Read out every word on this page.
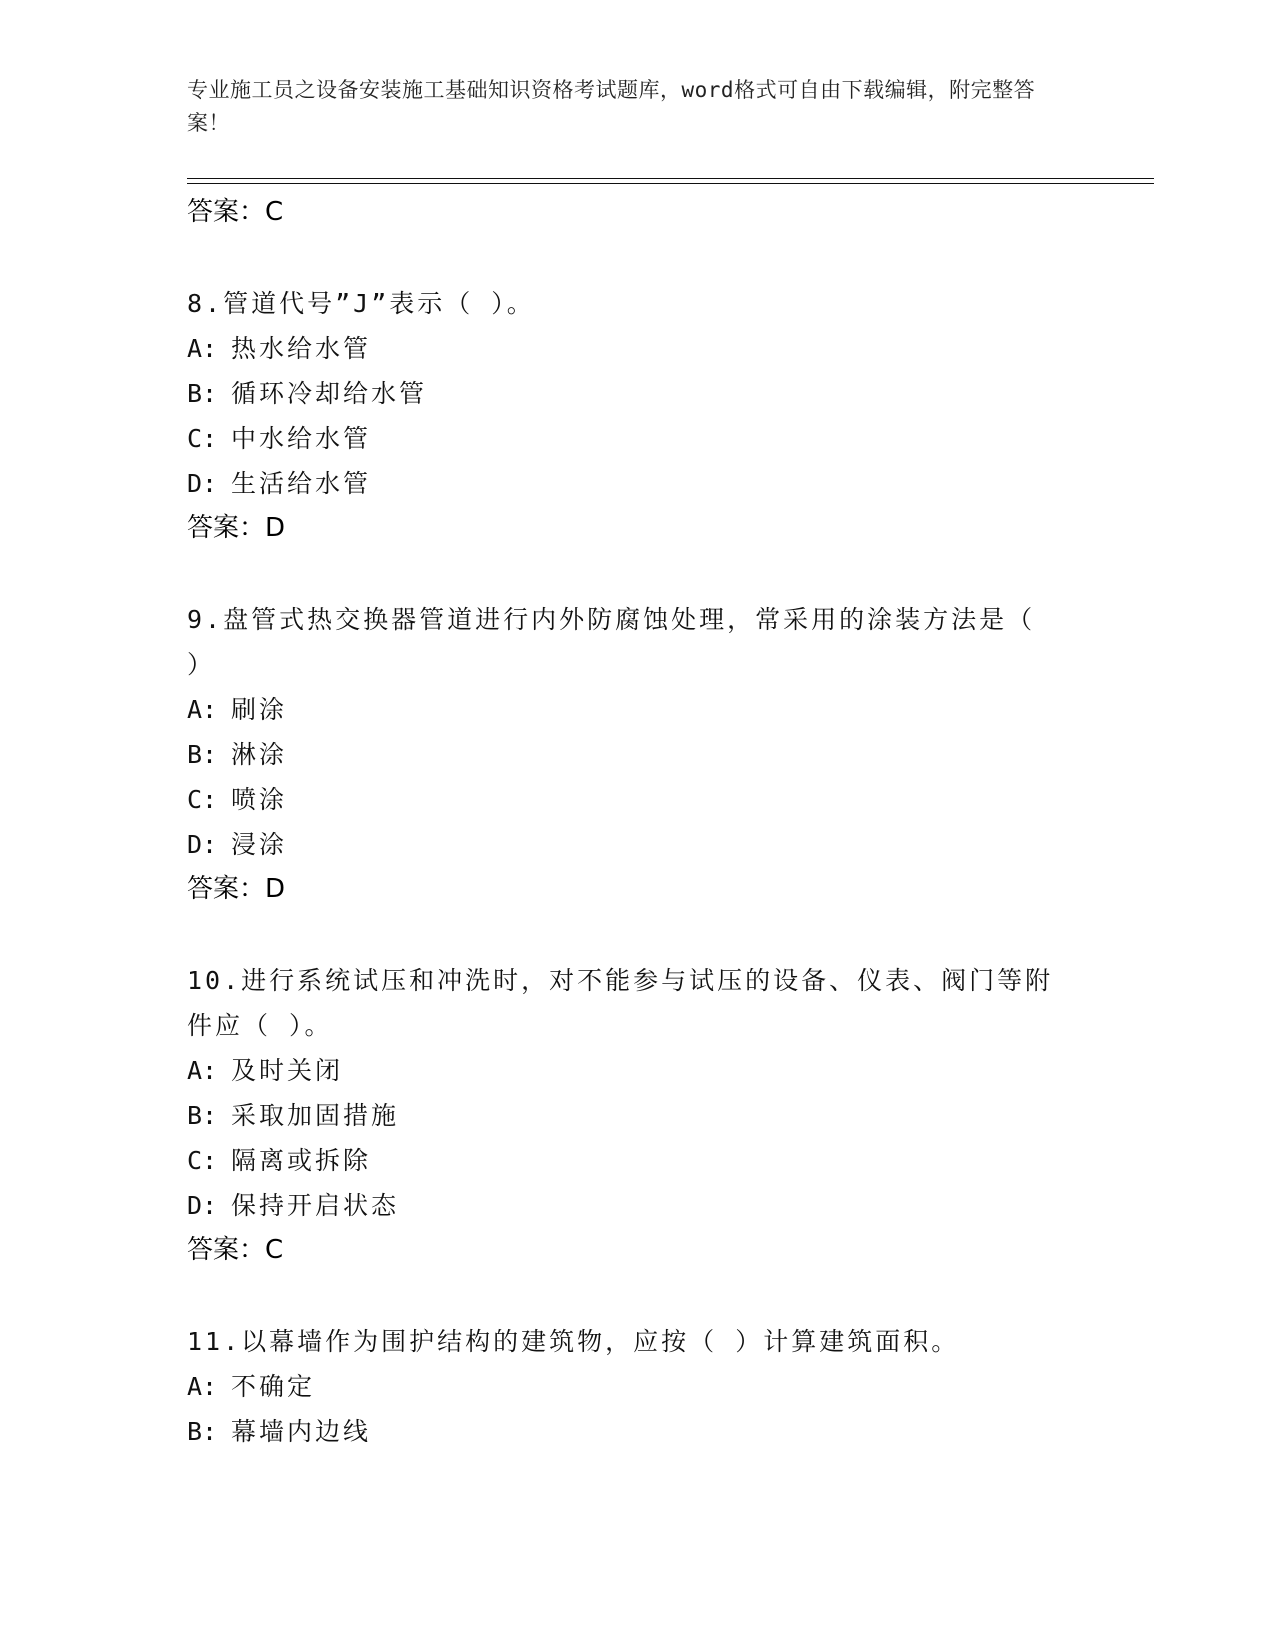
专业施工员之设备安装施工基础知识资格考试题库，word格式可自由下载编辑，附完整答案！
答案：C
8.管道代号”J”表示（ ）。
A: 热水给水管
B: 循环冷却给水管
C: 中水给水管
D: 生活给水管
答案：D
9.盘管式热交换器管道进行内外防腐蚀处理，常采用的涂装方法是（ ）
A: 刷涂
B: 淋涂
C: 喷涂
D: 浸涂
答案：D
10.进行系统试压和冲洗时，对不能参与试压的设备、仪表、阀门等附件应（ ）。
A: 及时关闭
B: 采取加固措施
C: 隔离或拆除
D: 保持开启状态
答案：C
11.以幕墙作为围护结构的建筑物，应按（ ）计算建筑面积。
A: 不确定
B: 幕墙内边线
